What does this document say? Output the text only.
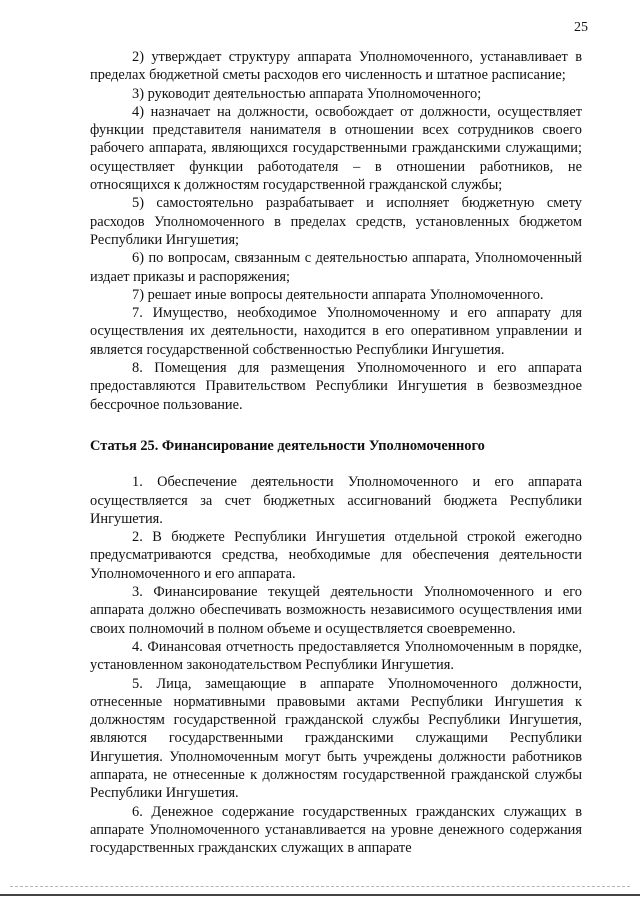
25

2) утверждает структуру аппарата Уполномоченного, устанавливает в пределах бюджетной сметы расходов его численность и штатное расписание;

3) руководит деятельностью аппарата Уполномоченного;

4) назначает на должности, освобождает от должности, осуществляет функции представителя нанимателя в отношении всех сотрудников своего рабочего аппарата, являющихся государственными гражданскими служащими; осуществляет функции работодателя – в отношении работников, не относящихся к должностям государственной гражданской службы;

5) самостоятельно разрабатывает и исполняет бюджетную смету расходов Уполномоченного в пределах средств, установленных бюджетом Республики Ингушетия;

6) по вопросам, связанным с деятельностью аппарата, Уполномоченный издает приказы и распоряжения;

7) решает иные вопросы деятельности аппарата Уполномоченного.

7. Имущество, необходимое Уполномоченному и его аппарату для осуществления их деятельности, находится в его оперативном управлении и является государственной собственностью Республики Ингушетия.

8. Помещения для размещения Уполномоченного и его аппарата предоставляются Правительством Республики Ингушетия в безвозмездное бессрочное пользование.

Статья 25. Финансирование деятельности Уполномоченного

1. Обеспечение деятельности Уполномоченного и его аппарата осуществляется за счет бюджетных ассигнований бюджета Республики Ингушетия.

2. В бюджете Республики Ингушетия отдельной строкой ежегодно предусматриваются средства, необходимые для обеспечения деятельности Уполномоченного и его аппарата.

3. Финансирование текущей деятельности Уполномоченного и его аппарата должно обеспечивать возможность независимого осуществления ими своих полномочий в полном объеме и осуществляется своевременно.

4. Финансовая отчетность предоставляется Уполномоченным в порядке, установленном законодательством Республики Ингушетия.

5. Лица, замещающие в аппарате Уполномоченного должности, отнесенные нормативными правовыми актами Республики Ингушетия к должностям государственной гражданской службы Республики Ингушетия, являются государственными гражданскими служащими Республики Ингушетия. Уполномоченным могут быть учреждены должности работников аппарата, не отнесенные к должностям государственной гражданской службы Республики Ингушетия.

6. Денежное содержание государственных гражданских служащих в аппарате Уполномоченного устанавливается на уровне денежного содержания государственных гражданских служащих в аппарате
